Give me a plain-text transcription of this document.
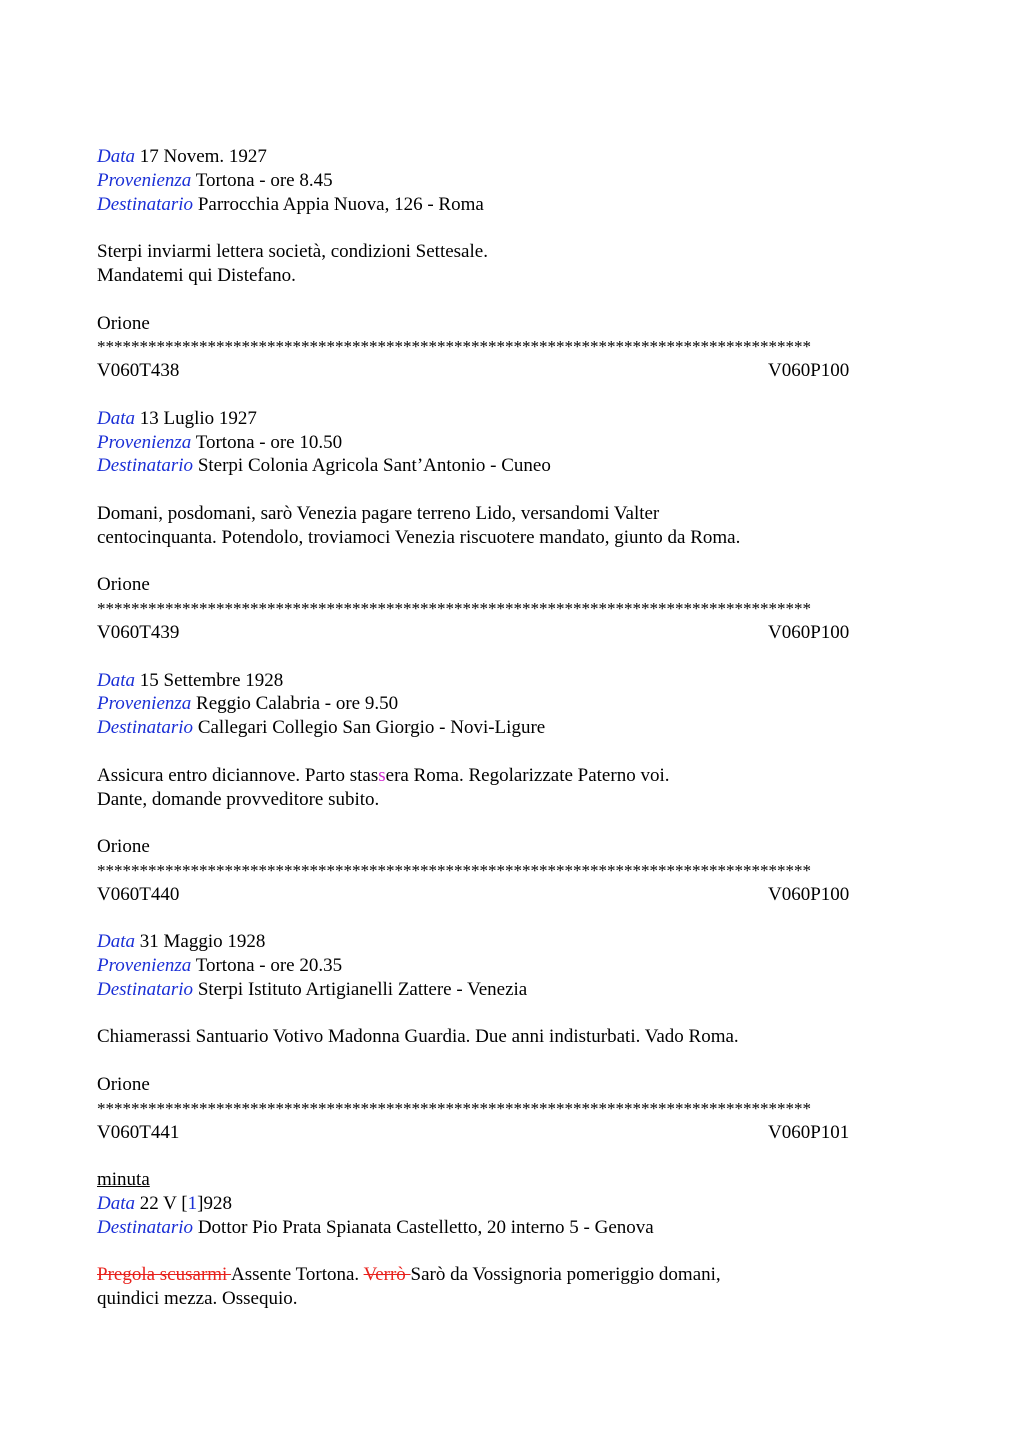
Data 17 Novem. 1927
Provenienza Tortona - ore 8.45
Destinatario Parrocchia Appia Nuova, 126 - Roma
Sterpi inviarmi lettera società, condizioni Settesale.
Mandatemi qui Distefano.
Orione
************************************************************************************
V060T438	V060P100
Data 13 Luglio 1927
Provenienza Tortona - ore 10.50
Destinatario Sterpi Colonia Agricola Sant’Antonio - Cuneo
Domani, posdomani, sarò Venezia pagare terreno Lido, versandomi Valter
centocinquanta. Potendolo, troviamoci Venezia riscuotere mandato, giunto da Roma.
Orione
************************************************************************************
V060T439	V060P100
Data 15 Settembre 1928
Provenienza Reggio Calabria - ore 9.50
Destinatario Callegari Collegio San Giorgio - Novi-Ligure
Assicura entro diciannove. Parto stassera Roma. Regolarizzate Paterno voi.
Dante, domande provveditore subito.
Orione
************************************************************************************
V060T440	V060P100
Data 31 Maggio 1928
Provenienza Tortona - ore 20.35
Destinatario Sterpi Istituto Artigianelli Zattere - Venezia
Chiamerassi Santuario Votivo Madonna Guardia. Due anni indisturbati. Vado Roma.
Orione
************************************************************************************
V060T441	V060P101
minuta
Data 22 V [1]928
Destinatario Dottor Pio Prata Spianata Castelletto, 20 interno 5 - Genova
Pregola scusarmi Assente Tortona. Verrò Sarò da Vossignoria pomeriggio domani,
quindici mezza. Ossequio.
